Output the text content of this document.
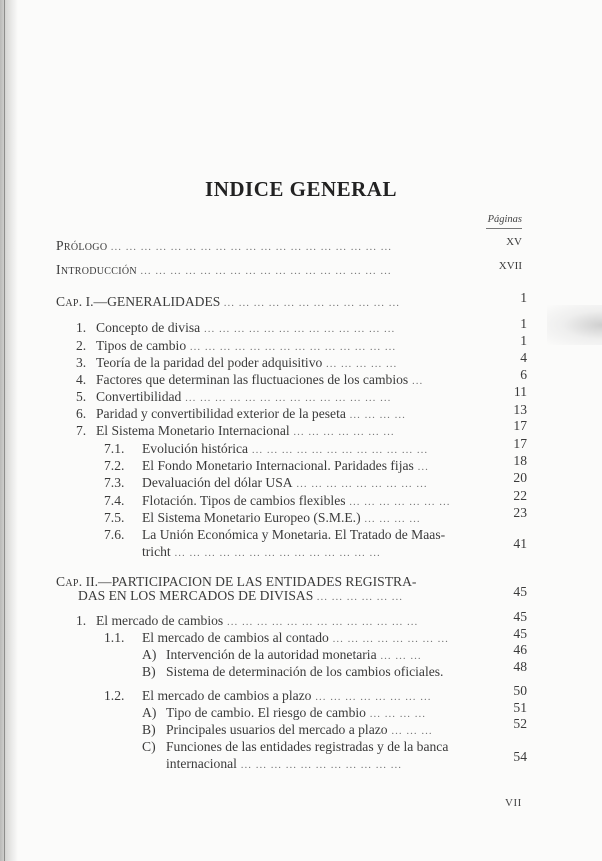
INDICE GENERAL
Páginas
PRÓLOGO ... ... ... ... ... ... ... ... ... ... ... ... ... ... ... ... ... ... ...	XV
INTRODUCCIÓN ... ... ... ... ... ... ... ... ... ... ... ... ... ... ... ... ...	XVII
CAP. I.—GENERALIDADES ... ... ... ... ... ... ... ... ... ... ... ...	1
1. Concepto de divisa ... ... ... ... ... ... ... ... ... ... ... ... ...	1
2. Tipos de cambio ... ... ... ... ... ... ... ... ... ... ... ... ... ...	1
3. Teoría de la paridad del poder adquisitivo ... ... ... ... ...	4
4. Factores que determinan las fluctuaciones de los cambios ...	6
5. Convertibilidad ... ... ... ... ... ... ... ... ... ... ... ... ... ...	11
6. Paridad y convertibilidad exterior de la peseta ... ... ... ...	13
7. El Sistema Monetario Internacional ... ... ... ... ... ... ...	17
7.1. Evolución histórica ... ... ... ... ... ... ... ... ... ... ... ...	17
7.2. El Fondo Monetario Internacional. Paridades fijas ...	18
7.3. Devaluación del dólar USA ... ... ... ... ... ... ... ... ...	20
7.4. Flotación. Tipos de cambios flexibles ... ... ... ... ... ... ...	22
7.5. El Sistema Monetario Europeo (S.M.E.) ... ... ... ...	23
7.6. La Unión Económica y Monetaria. El Tratado de Maas-
tricht ... ... ... ... ... ... ... ... ... ... ... ... ... ...
41
CAP. II.—PARTICIPACION DE LAS ENTIDADES REGISTRA-
DAS EN LOS MERCADOS DE DIVISAS ... ... ... ... ... ...	45
1. El mercado de cambios ... ... ... ... ... ... ... ... ... ... ... ... ...	45
1.1. El mercado de cambios al contado ... ... ... ... ... ... ... ...	45
A) Intervención de la autoridad monetaria ... ... ...	46
B) Sistema de determinación de los cambios oficiales.	48
1.2. El mercado de cambios a plazo ... ... ... ... ... ... ... ...	50
A) Tipo de cambio. El riesgo de cambio ... ... ... ...	51
B) Principales usuarios del mercado a plazo ... ... ...	52
C) Funciones de las entidades registradas y de la banca
internacional ... ... ... ... ... ... ... ... ... ... ...
54
VII
